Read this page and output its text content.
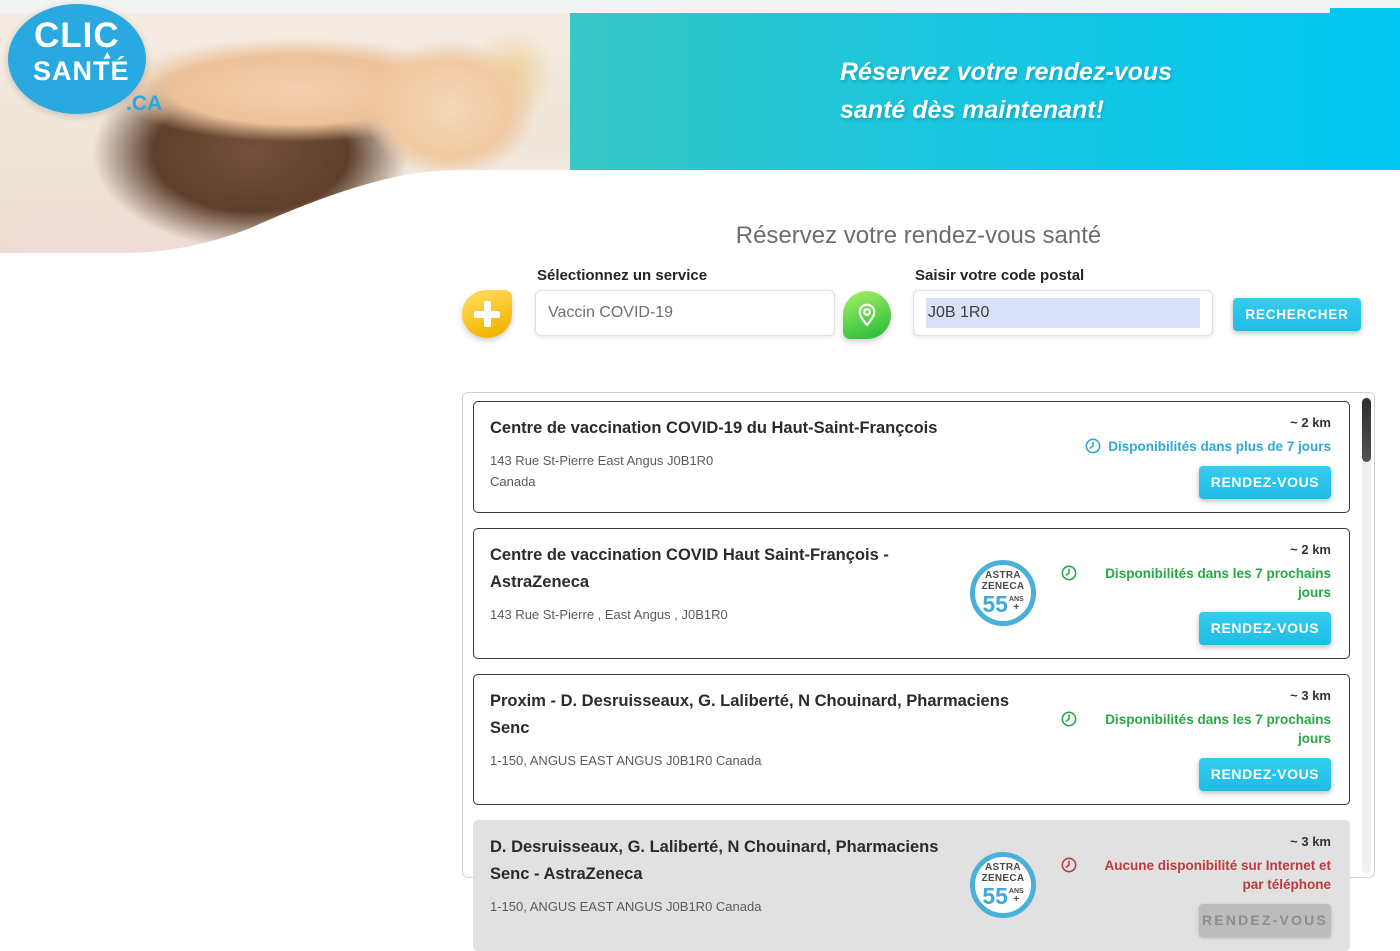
CLIC
SANTÉ
.CA
Réservez votre rendez-vous
santé dès maintenant!
Réservez votre rendez-vous santé
Sélectionnez un service	Saisir votre code postal
Vaccin COVID-19
J0B 1R0	RECHERCHER
Centre de vaccination COVID-19 du Haut-Saint-Françcois
143 Rue St-Pierre East Angus J0B1R0
Canada
~ 2 km
Disponibilités dans plus de 7 jours
RENDEZ-VOUS
Centre de vaccination COVID Haut Saint-François - AstraZeneca
143 Rue St-Pierre , East Angus , J0B1R0
ASTRA
ZENECA
55 ANS
+
~ 2 km
Disponibilités dans les 7 prochains jours
RENDEZ-VOUS
Proxim - D. Desruisseaux, G. Laliberté, N Chouinard, Pharmaciens Senc
1-150, ANGUS EAST ANGUS J0B1R0 Canada
~ 3 km
Disponibilités dans les 7 prochains jours
RENDEZ-VOUS
D. Desruisseaux, G. Laliberté, N Chouinard, Pharmaciens Senc - AstraZeneca
1-150, ANGUS EAST ANGUS J0B1R0 Canada
ASTRA
ZENECA
55 ANS
+
~ 3 km
Aucune disponibilité sur Internet et par téléphone
RENDEZ-VOUS
